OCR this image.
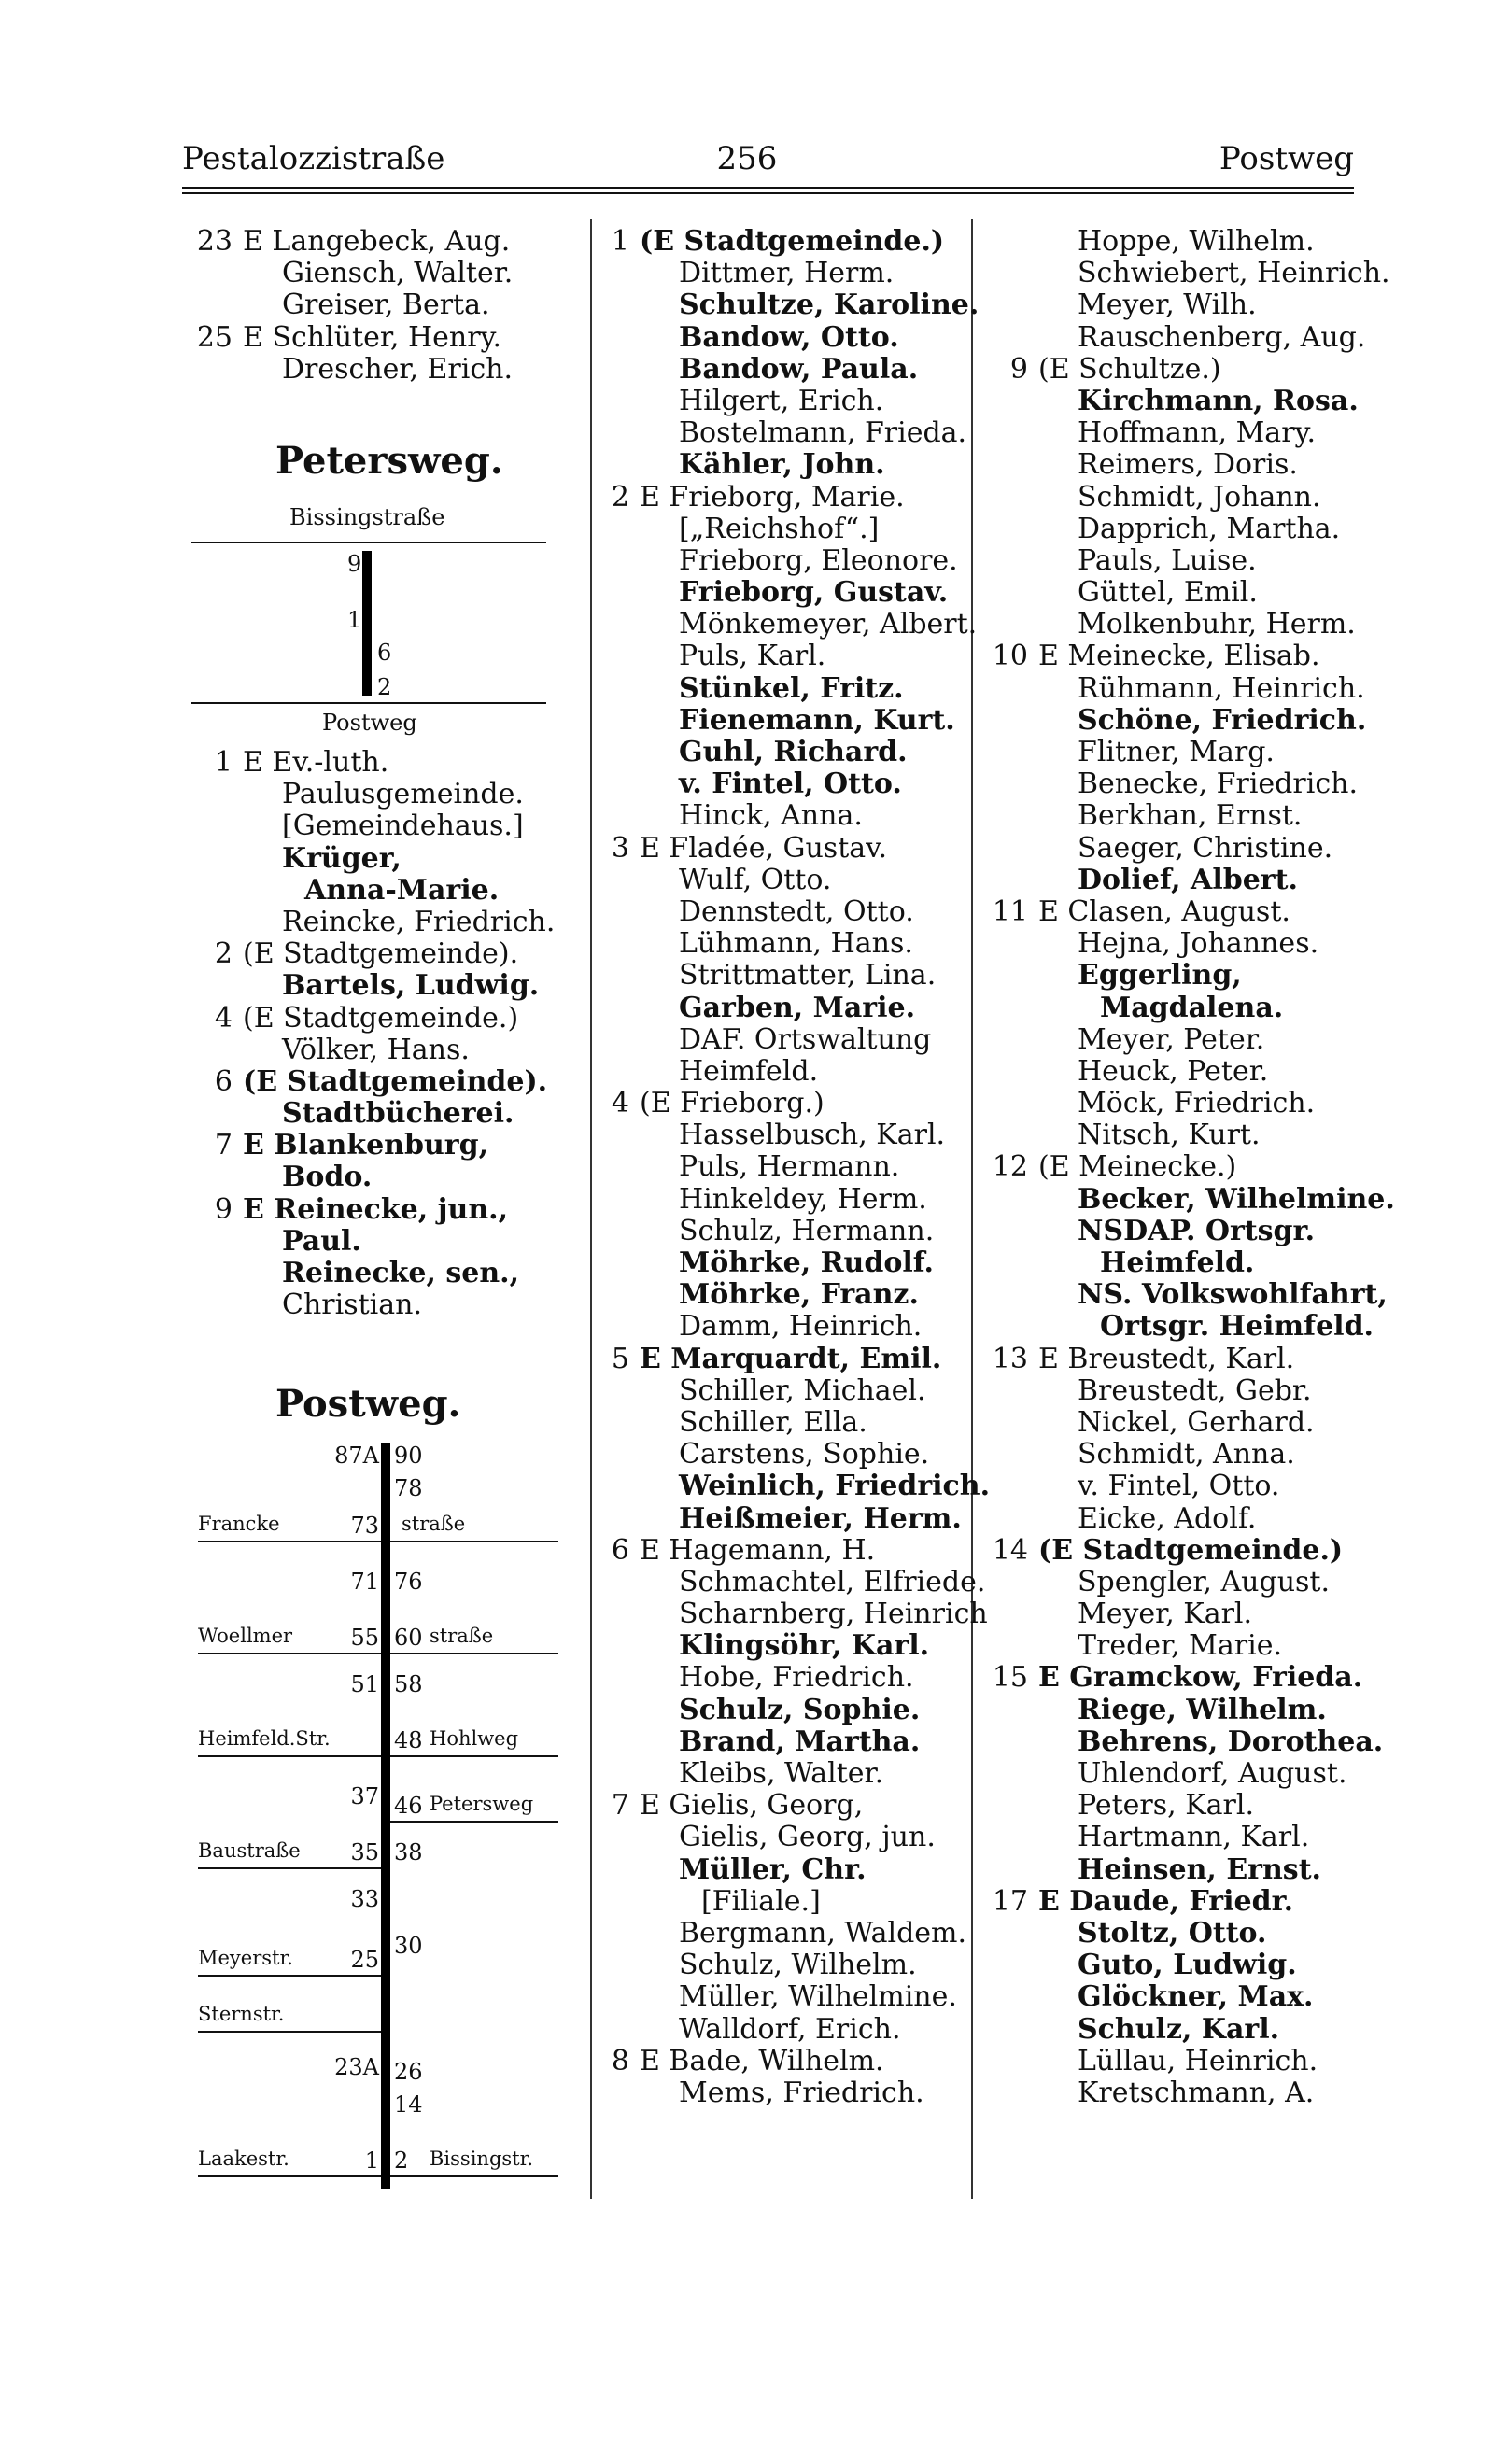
256
Pestalozzistraße	Postweg
23 E Langebeck, Aug.
Giensch, Walter.
Greiser, Berta.
25 E Schlüter, Henry.
Drescher, Erich.
Petersweg.
Bissingstraße
9
1
6
2
Postweg
1 E Ev.-luth.
Paulusgemeinde.
[Gemeindehaus.]
Krüger,
Anna-Marie.
Reincke, Friedrich.
2 (E Stadtgemeinde).
Bartels, Ludwig.
4 (E Stadtgemeinde.)
Völker, Hans.
6 (E Stadtgemeinde).
Stadtbücherei.
7 E Blankenburg,
Bodo.
9 E Reinecke, jun.,
Paul.
Reinecke, sen.,
Christian.
Postweg.
87A
73
Francke
71
55
Woellmer
51
Heimfeld.Str.
37
35
Baustraße
33
25
Meyerstr.
Sternstr.
23A
1
Laakestr.
90
78
straße
76
60 straße
58
48 Hohlweg
46 Petersweg
38
30
26
14
2 Bissingstr.
1 (E Stadtgemeinde.)
Dittmer, Herm.
Schultze, Karoline.
Bandow, Otto.
Bandow, Paula.
Hilgert, Erich.
Bostelmann, Frieda.
Kähler, John.
2 E Frieborg, Marie.
[„Reichshof“.]
Frieborg, Eleonore.
Frieborg, Gustav.
Mönkemeyer, Albert.
Puls, Karl.
Stünkel, Fritz.
Fienemann, Kurt.
Guhl, Richard.
v. Fintel, Otto.
Hinck, Anna.
3 E Fladée, Gustav.
Wulf, Otto.
Dennstedt, Otto.
Lühmann, Hans.
Strittmatter, Lina.
Garben, Marie.
DAF. Ortswaltung
Heimfeld.
4 (E Frieborg.)
Hasselbusch, Karl.
Puls, Hermann.
Hinkeldey, Herm.
Schulz, Hermann.
Möhrke, Rudolf.
Möhrke, Franz.
Damm, Heinrich.
5 E Marquardt, Emil.
Schiller, Michael.
Schiller, Ella.
Carstens, Sophie.
Weinlich, Friedrich.
Heißmeier, Herm.
6 E Hagemann, H.
Schmachtel, Elfriede.
Scharnberg, Heinrich
Klingsöhr, Karl.
Hobe, Friedrich.
Schulz, Sophie.
Brand, Martha.
Kleibs, Walter.
7 E Gielis, Georg,
Gielis, Georg, jun.
Müller, Chr.
[Filiale.]
Bergmann, Waldem.
Schulz, Wilhelm.
Müller, Wilhelmine.
Walldorf, Erich.
8 E Bade, Wilhelm.
Mems, Friedrich.
Hoppe, Wilhelm.
Schwiebert, Heinrich.
Meyer, Wilh.
Rauschenberg, Aug.
9 (E Schultze.)
Kirchmann, Rosa.
Hoffmann, Mary.
Reimers, Doris.
Schmidt, Johann.
Dapprich, Martha.
Pauls, Luise.
Güttel, Emil.
Molkenbuhr, Herm.
10 E Meinecke, Elisab.
Rühmann, Heinrich.
Schöne, Friedrich.
Flitner, Marg.
Benecke, Friedrich.
Berkhan, Ernst.
Saeger, Christine.
Dolief, Albert.
11 E Clasen, August.
Hejna, Johannes.
Eggerling,
Magdalena.
Meyer, Peter.
Heuck, Peter.
Möck, Friedrich.
Nitsch, Kurt.
12 (E Meinecke.)
Becker, Wilhelmine.
NSDAP. Ortsgr.
Heimfeld.
NS. Volkswohlfahrt,
Ortsgr. Heimfeld.
13 E Breustedt, Karl.
Breustedt, Gebr.
Nickel, Gerhard.
Schmidt, Anna.
v. Fintel, Otto.
Eicke, Adolf.
14 (E Stadtgemeinde.)
Spengler, August.
Meyer, Karl.
Treder, Marie.
15 E Gramckow, Frieda.
Riege, Wilhelm.
Behrens, Dorothea.
Uhlendorf, August.
Peters, Karl.
Hartmann, Karl.
Heinsen, Ernst.
17 E Daude, Friedr.
Stoltz, Otto.
Guto, Ludwig.
Glöckner, Max.
Schulz, Karl.
Lüllau, Heinrich.
Kretschmann, A.
